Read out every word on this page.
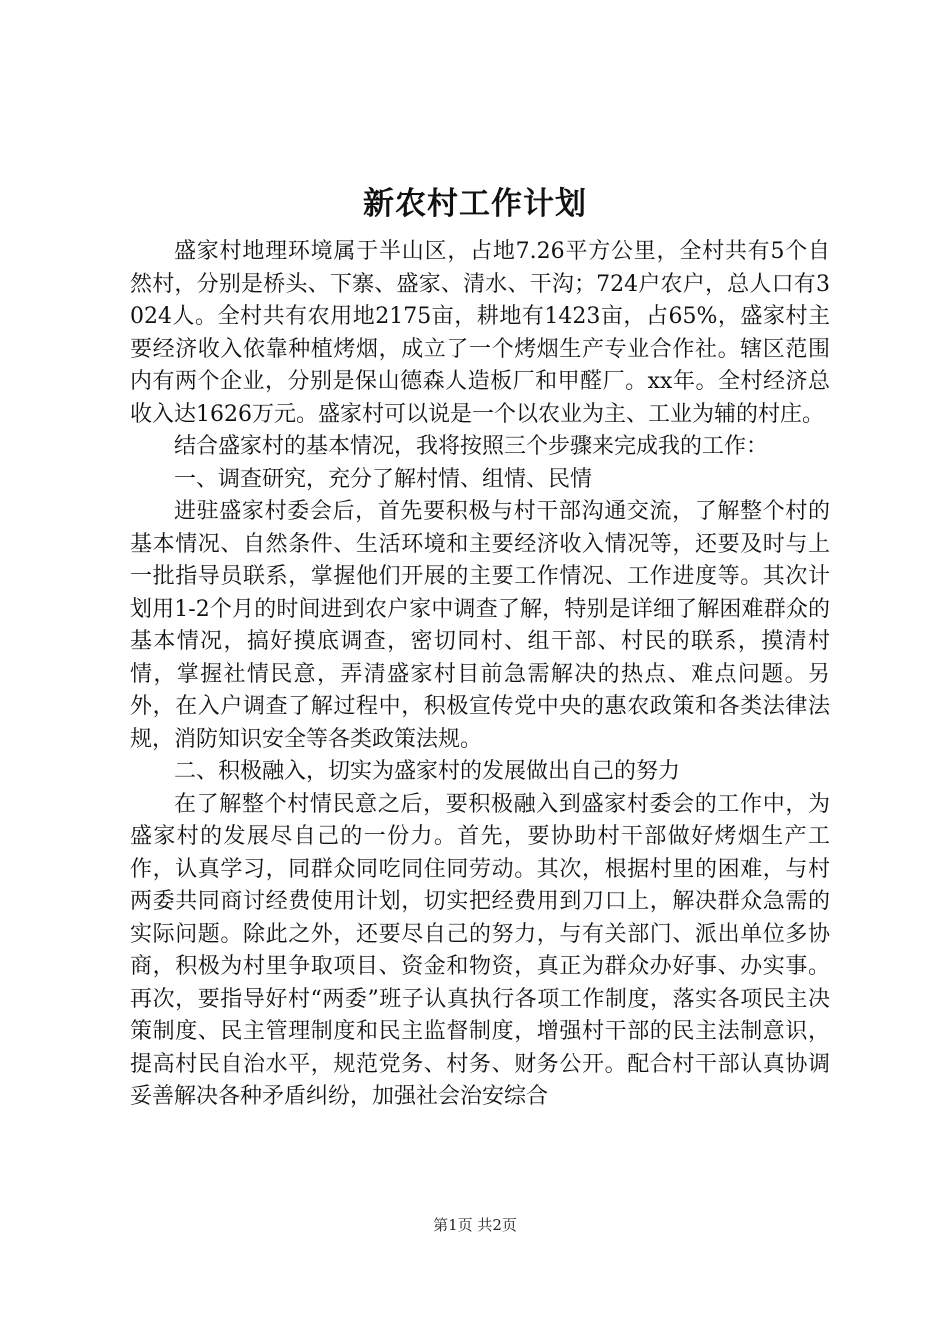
新农村工作计划

盛家村地理环境属于半山区，占地7.26平方公里，全村共有5个自然村，分别是桥头、下寨、盛家、清水、干沟；724户农户，总人口有3024人。全村共有农用地2175亩，耕地有1423亩，占65%，盛家村主要经济收入依靠种植烤烟，成立了一个烤烟生产专业合作社。辖区范围内有两个企业，分别是保山德森人造板厂和甲醛厂。xx年。全村经济总收入达1626万元。盛家村可以说是一个以农业为主、工业为辅的村庄。

结合盛家村的基本情况，我将按照三个步骤来完成我的工作：

一、调查研究，充分了解村情、组情、民情

进驻盛家村委会后，首先要积极与村干部沟通交流，了解整个村的基本情况、自然条件、生活环境和主要经济收入情况等，还要及时与上一批指导员联系，掌握他们开展的主要工作情况、工作进度等。其次计划用1-2个月的时间进到农户家中调查了解，特别是详细了解困难群众的基本情况，搞好摸底调查，密切同村、组干部、村民的联系，摸清村情，掌握社情民意，弄清盛家村目前急需解决的热点、难点问题。另外，在入户调查了解过程中，积极宣传党中央的惠农政策和各类法律法规，消防知识安全等各类政策法规。

二、积极融入，切实为盛家村的发展做出自己的努力

在了解整个村情民意之后，要积极融入到盛家村委会的工作中，为盛家村的发展尽自己的一份力。首先，要协助村干部做好烤烟生产工作，认真学习，同群众同吃同住同劳动。其次，根据村里的困难，与村两委共同商讨经费使用计划，切实把经费用到刀口上，解决群众急需的实际问题。除此之外，还要尽自己的努力，与有关部门、派出单位多协商，积极为村里争取项目、资金和物资，真正为群众办好事、办实事。再次，要指导好村“两委”班子认真执行各项工作制度，落实各项民主决策制度、民主管理制度和民主监督制度，增强村干部的民主法制意识，提高村民自治水平，规范党务、村务、财务公开。配合村干部认真协调妥善解决各种矛盾纠纷，加强社会治安综合

第1页 共2页
